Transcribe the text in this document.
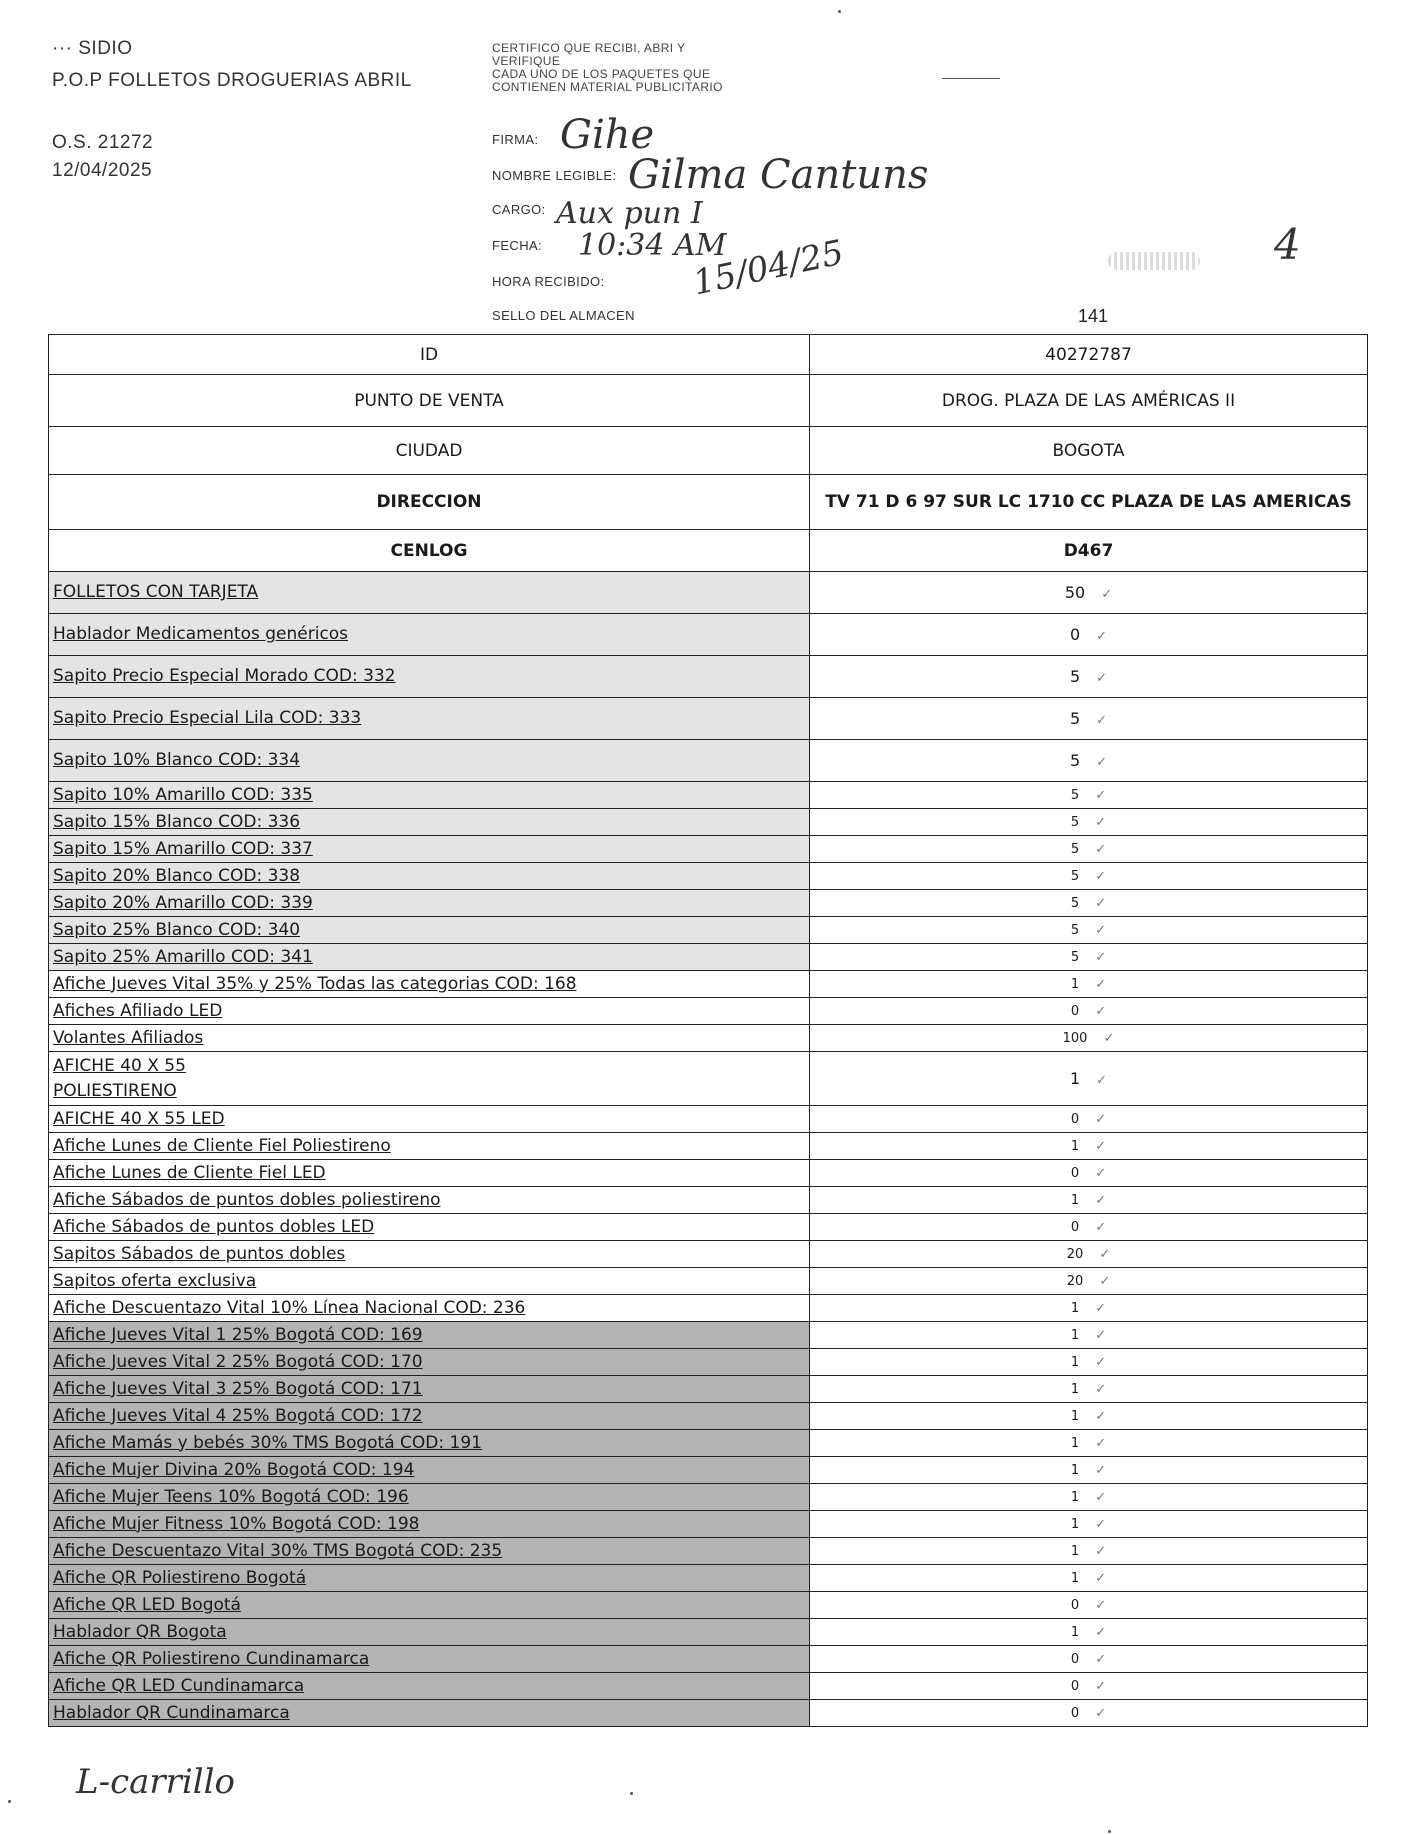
··· SIDIO
P.O.P FOLLETOS DROGUERIAS ABRIL
O.S. 21272
12/04/2025
CERTIFICO QUE RECIBI, ABRI Y
VERIFIQUE
CADA UNO DE LOS PAQUETES QUE
CONTIENEN MATERIAL PUBLICITARIO
FIRMA:
NOMBRE LEGIBLE:
CARGO:
FECHA:
HORA RECIBIDO:
SELLO DEL ALMACEN	141
Gihe
Gilma Cantuns
Aux pun I
10:34 AM
15/04/25	4
ID	40272787
PUNTO DE VENTA	DROG. PLAZA DE LAS AMÉRICAS II
CIUDAD	BOGOTA
DIRECCION	TV 71 D 6 97 SUR LC 1710 CC PLAZA DE LAS AMERICAS
CENLOG	D467
FOLLETOS CON TARJETA	50 ✓
Hablador Medicamentos genéricos	0 ✓
Sapito Precio Especial Morado COD: 332	5 ✓
Sapito Precio Especial Lila COD: 333	5 ✓
Sapito 10% Blanco COD: 334	5 ✓
Sapito 10% Amarillo COD: 335	5 ✓
Sapito 15% Blanco COD: 336	5 ✓
Sapito 15% Amarillo COD: 337	5 ✓
Sapito 20% Blanco COD: 338	5 ✓
Sapito 20% Amarillo COD: 339	5 ✓
Sapito 25% Blanco COD: 340	5 ✓
Sapito 25% Amarillo COD: 341	5 ✓
Afiche Jueves Vital 35% y 25% Todas las categorias COD: 168	1 ✓
Afiches Afiliado LED	0 ✓
Volantes Afiliados	100 ✓
AFICHE 40 X 55
POLIESTIRENO	1 ✓
AFICHE 40 X 55 LED	0 ✓
Afiche Lunes de Cliente Fiel Poliestireno	1 ✓
Afiche Lunes de Cliente Fiel LED	0 ✓
Afiche Sábados de puntos dobles poliestireno	1 ✓
Afiche Sábados de puntos dobles LED	0 ✓
Sapitos Sábados de puntos dobles	20 ✓
Sapitos oferta exclusiva	20 ✓
Afiche Descuentazo Vital 10% Línea Nacional COD: 236	1 ✓
Afiche Jueves Vital 1 25% Bogotá COD: 169	1 ✓
Afiche Jueves Vital 2 25% Bogotá COD: 170	1 ✓
Afiche Jueves Vital 3 25% Bogotá COD: 171	1 ✓
Afiche Jueves Vital 4 25% Bogotá COD: 172	1 ✓
Afiche Mamás y bebés 30% TMS Bogotá COD: 191	1 ✓
Afiche Mujer Divina 20% Bogotá COD: 194	1 ✓
Afiche Mujer Teens 10% Bogotá COD: 196	1 ✓
Afiche Mujer Fitness 10% Bogotá COD: 198	1 ✓
Afiche Descuentazo Vital 30% TMS Bogotá COD: 235	1 ✓
Afiche QR Poliestireno Bogotá	1 ✓
Afiche QR LED Bogotá	0 ✓
Hablador QR Bogota	1 ✓
Afiche QR Poliestireno Cundinamarca	0 ✓
Afiche QR LED Cundinamarca	0 ✓
Hablador QR Cundinamarca	0 ✓
L-carrillo
